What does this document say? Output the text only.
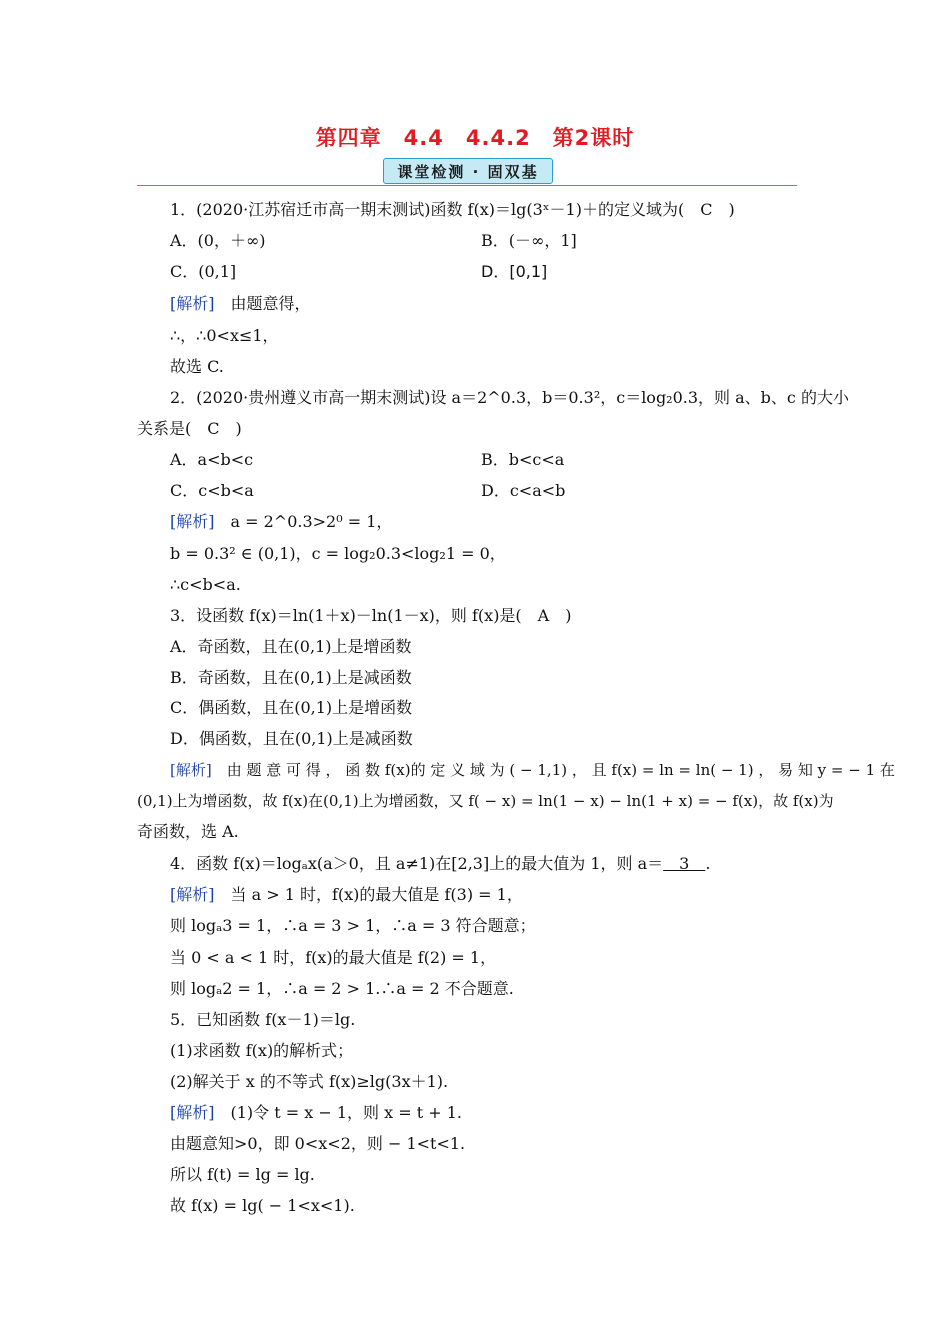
第四章　4.4　4.4.2　第2课时
课堂检测 · 固双基
1．(2020·江苏宿迁市高一期末测试)函数 f(x)＝lg(3ˣ－1)＋的定义域为(　C　)
A．(0，＋∞)	B．(－∞，1]
C．(0,1]	D．[0,1]
[解析]　由题意得，
∴，∴0<x≤1，
故选 C.
2．(2020·贵州遵义市高一期末测试)设 a＝2^0.3，b＝0.3²，c＝log₂0.3，则 a、b、c 的大小
关系是(　C　)
A．a<b<c	B．b<c<a
C．c<b<a	D．c<a<b
[解析]　a = 2^0.3>2⁰ = 1，
b = 0.3² ∈ (0,1)，c = log₂0.3<log₂1 = 0，
∴c<b<a.
3．设函数 f(x)＝ln(1＋x)－ln(1－x)，则 f(x)是(　A　)
A．奇函数，且在(0,1)上是增函数
B．奇函数，且在(0,1)上是减函数
C．偶函数，且在(0,1)上是增函数
D．偶函数，且在(0,1)上是减函数
[解析]　由 题 意 可 得 ， 函 数 f(x)的 定 义 域 为 ( − 1,1) ， 且 f(x) = ln = ln( − 1) ， 易 知 y = − 1 在
(0,1)上为增函数，故 f(x)在(0,1)上为增函数，又 f( − x) = ln(1 − x) − ln(1 + x) = − f(x)，故 f(x)为
奇函数，选 A.
4．函数 f(x)＝logₐx(a＞0，且 a≠1)在[2,3]上的最大值为 1，则 a＝　3　.
[解析]　当 a > 1 时，f(x)的最大值是 f(3) = 1，
则 logₐ3 = 1，∴a = 3 > 1，∴a = 3 符合题意；
当 0 < a < 1 时，f(x)的最大值是 f(2) = 1，
则 logₐ2 = 1，∴a = 2 > 1.∴a = 2 不合题意.
5．已知函数 f(x－1)＝lg.
(1)求函数 f(x)的解析式；
(2)解关于 x 的不等式 f(x)≥lg(3x＋1).
[解析]　(1)令 t = x − 1，则 x = t + 1.
由题意知>0，即 0<x<2，则 − 1<t<1.
所以 f(t) = lg = lg.
故 f(x) = lg( − 1<x<1).
